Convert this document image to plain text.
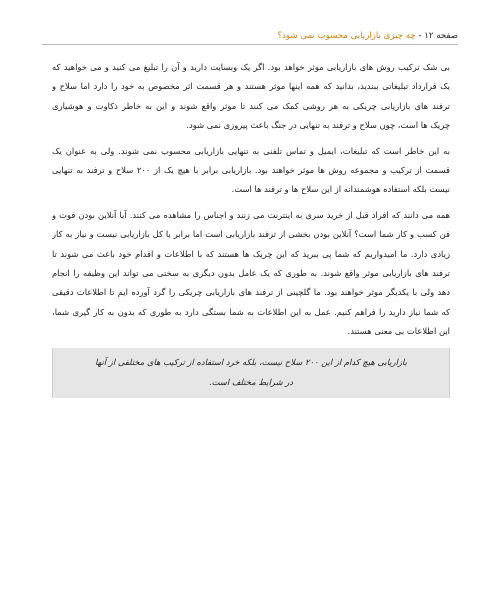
صفحه ۱۲ - چه چیزی بازاریابی محسوب نمی شود؟
بی شک ترکیب روش های بازاریابی موثر خواهد بود. اگر یک وبسایت دارید و آن را تبلیغ می کنید و می خواهید که
یک قرارداد تبلیغاتی ببندید، بدانید که همه اینها موثر هستند و هر قسمت اثر مخصوص به خود را دارد اما سلاح و
ترفند های بازاریابی چریکی به هر روشی کمک می کنند تا موثر واقع شوند و این به خاطر ذکاوت و هوشیاری
چریک ها است، چون سلاح و ترفند به تنهایی در جنگ باعث پیروزی نمی شود.
به این خاطر است که تبلیغات، ایمیل و تماس تلفنی به تنهایی بازاریابی محسوب نمی شوند. ولی به عنوان یک
قسمت از ترکیب و مجموعه روش ها موثر خواهند بود. بازاریابی برابر با هیچ یک از ۲۰۰ سلاح و ترفند به تنهایی
نیست بلکه استفاده هوشمندانه از این سلاح ها و ترفند ها است.
همه می دانند که افراد قبل از خرید سری به اینترنت می زنند و اجناس را مشاهده می کنند. آیا آنلاین بودن فوت و
فن کسب و کار شما است؟ آنلاین بودن بخشی از ترفند بازاریابی است اما برابر با کل بازاریابی نیست و نیاز به کار
زیادی دارد. ما امیدواریم که شما پی ببرید که این چریک ها هستند که با اطلاعات و اقدام خود باعث می شوند تا
ترفند های بازاریابی موثر واقع شوند. به طوری که یک عامل بدون دیگری به سختی می تواند این وظیفه را انجام
دهد ولی با یکدیگر موثر خواهند بود. ما گلچینی از ترفند های بازاریابی چریکی را گرد آورده ایم تا اطلاعات دقیقی
که شما نیاز دارید را فراهم کنیم. عمل به این اطلاعات به شما بستگی دارد به طوری که بدون به کار گیری شما،
این اطلاعات بی معنی هستند.
بازاریابی هیچ کدام از این ۲۰۰ سلاح نیست، بلکه خرد استفاده از ترکیب های مختلفی از آنها
در شرایط مختلف است.
